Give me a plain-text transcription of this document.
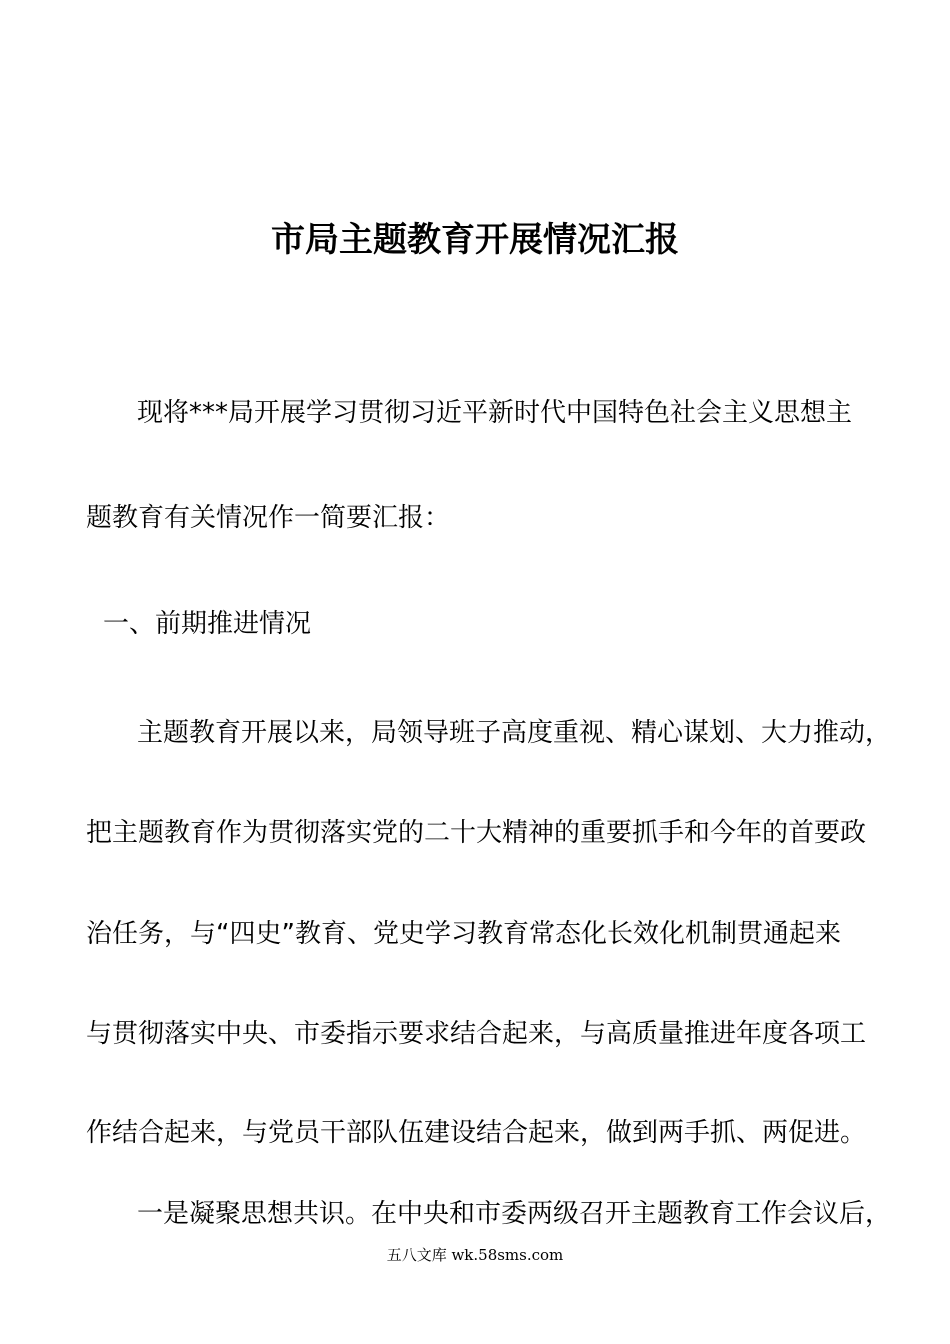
市局主题教育开展情况汇报
现将***局开展学习贯彻习近平新时代中国特色社会主义思想主
题教育有关情况作一简要汇报：
一、前期推进情况
主题教育开展以来，局领导班子高度重视、精心谋划、大力推动，
把主题教育作为贯彻落实党的二十大精神的重要抓手和今年的首要政
治任务，与“四史”教育、党史学习教育常态化长效化机制贯通起来
与贯彻落实中央、市委指示要求结合起来，与高质量推进年度各项工
作结合起来，与党员干部队伍建设结合起来，做到两手抓、两促进。
一是凝聚思想共识。在中央和市委两级召开主题教育工作会议后，
五八文库 wk.58sms.com
